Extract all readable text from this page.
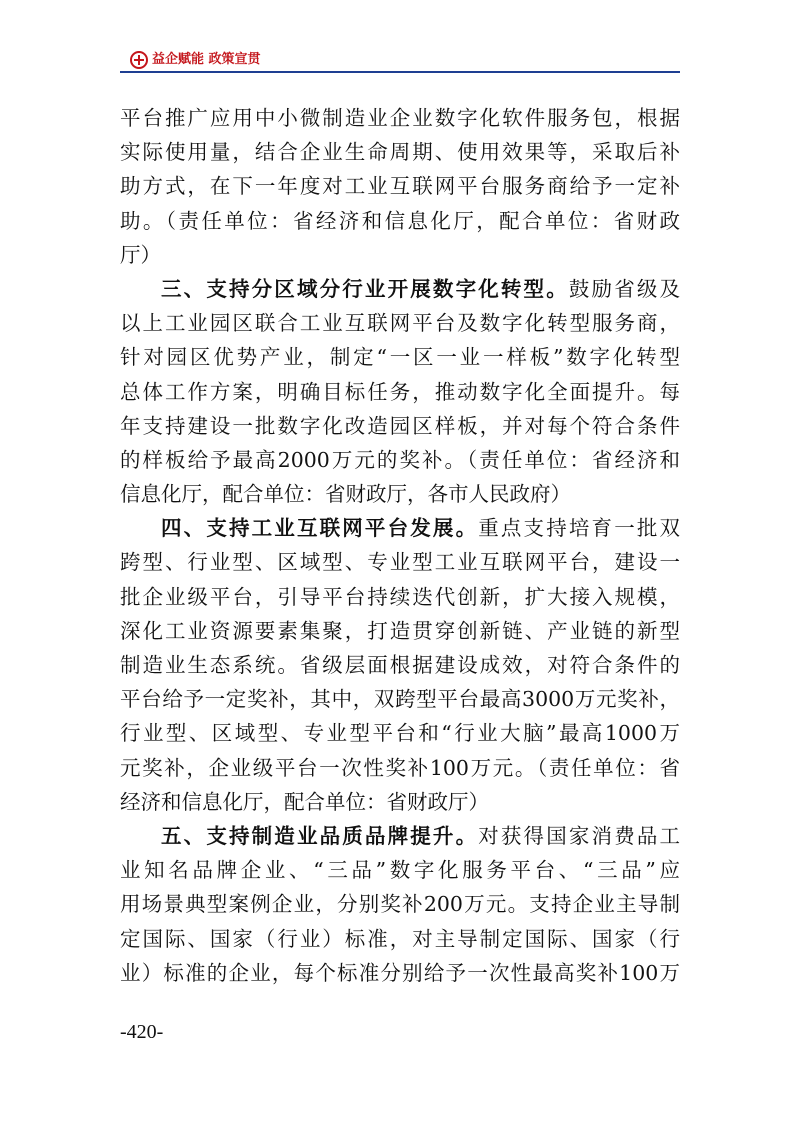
益企赋能 政策宣贯
平台推广应用中小微制造业企业数字化软件服务包，根据
实际使用量，结合企业生命周期、使用效果等，采取后补
助方式，在下一年度对工业互联网平台服务商给予一定补
助。（责任单位：省经济和信息化厅，配合单位：省财政
厅）
三、支持分区域分行业开展数字化转型。鼓励省级及
以上工业园区联合工业互联网平台及数字化转型服务商，
针对园区优势产业，制定“一区一业一样板”数字化转型
总体工作方案，明确目标任务，推动数字化全面提升。每
年支持建设一批数字化改造园区样板，并对每个符合条件
的样板给予最高2000万元的奖补。（责任单位：省经济和
信息化厅，配合单位：省财政厅，各市人民政府）
四、支持工业互联网平台发展。重点支持培育一批双
跨型、行业型、区域型、专业型工业互联网平台，建设一
批企业级平台，引导平台持续迭代创新，扩大接入规模，
深化工业资源要素集聚，打造贯穿创新链、产业链的新型
制造业生态系统。省级层面根据建设成效，对符合条件的
平台给予一定奖补，其中，双跨型平台最高3000万元奖补，
行业型、区域型、专业型平台和“行业大脑”最高1000万
元奖补，企业级平台一次性奖补100万元。（责任单位：省
经济和信息化厅，配合单位：省财政厅）
五、支持制造业品质品牌提升。对获得国家消费品工
业知名品牌企业、“三品”数字化服务平台、“三品”应
用场景典型案例企业，分别奖补200万元。支持企业主导制
定国际、国家（行业）标准，对主导制定国际、国家（行
业）标准的企业，每个标准分别给予一次性最高奖补100万
-420-
